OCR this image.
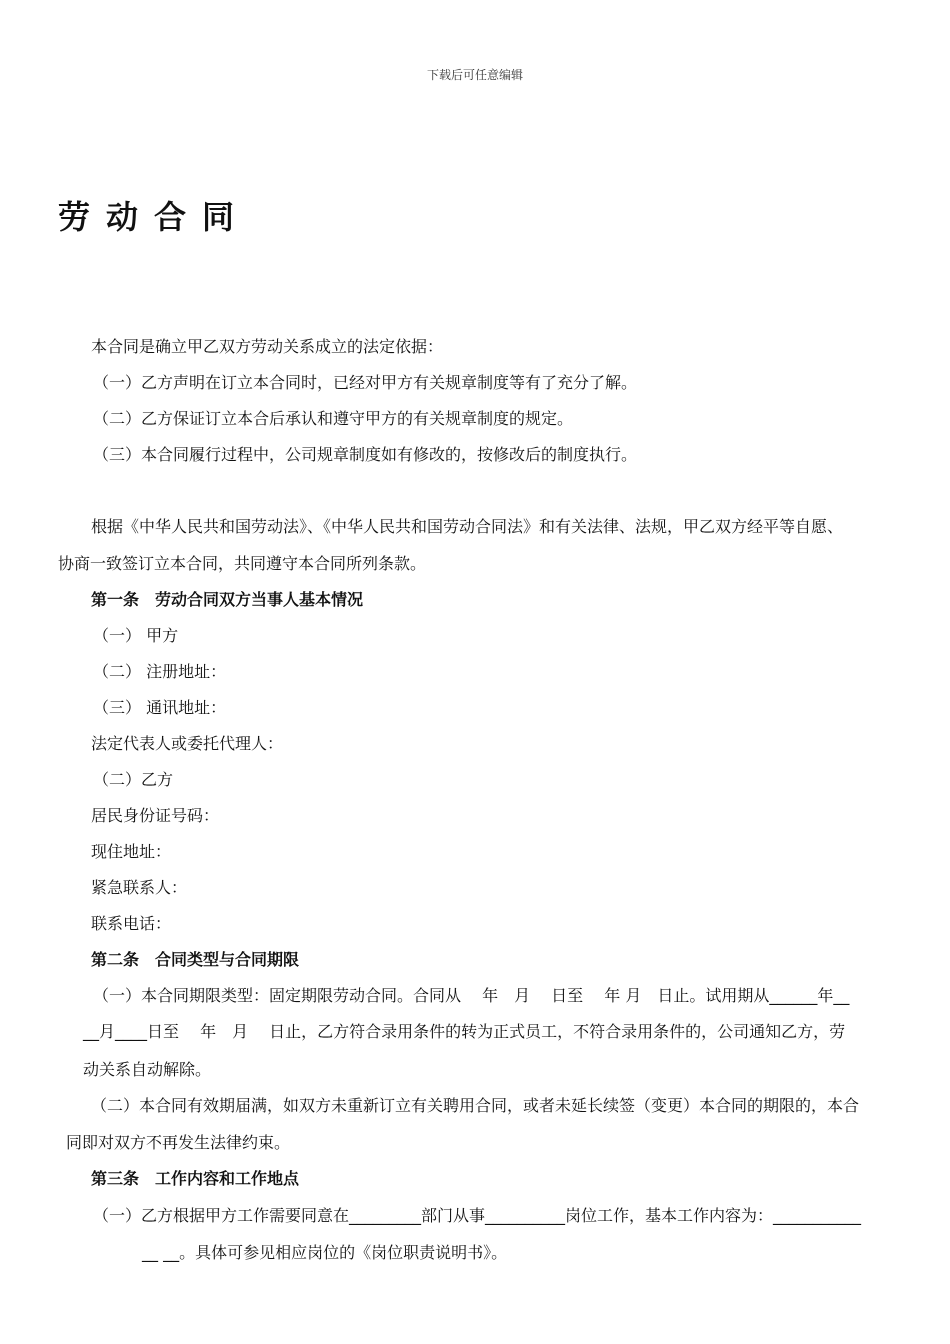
下载后可任意编辑
劳动合同
本合同是确立甲乙双方劳动关系成立的法定依据：
（一）乙方声明在订立本合同时，已经对甲方有关规章制度等有了充分了解。
（二）乙方保证订立本合后承认和遵守甲方的有关规章制度的规定。
（三）本合同履行过程中，公司规章制度如有修改的，按修改后的制度执行。
根据《中华人民共和国劳动法》、《中华人民共和国劳动合同法》和有关法律、法规，甲乙双方经平等自愿、
协商一致签订立本合同，共同遵守本合同所列条款。
第一条　劳动合同双方当事人基本情况
（一） 甲方
（二） 注册地址：
（三） 通讯地址：
法定代表人或委托代理人：
（二）乙方
居民身份证号码：
现住地址：
紧急联系人：
联系电话：
第二条　合同类型与合同期限
（一）本合同期限类型：固定期限劳动合同。合同从　 年　月　 日至　 年 月　日止。试用期从______年__
__月____日至　 年　月　 日止，乙方符合录用条件的转为正式员工，不符合录用条件的，公司通知乙方，劳
动关系自动解除。
（二）本合同有效期届满，如双方未重新订立有关聘用合同，或者未延长续签（变更）本合同的期限的，本合
同即对双方不再发生法律约束。
第三条　工作内容和工作地点
（一）乙方根据甲方工作需要同意在_________部门从事__________岗位工作，基本工作内容为：___________
__ __。具体可参见相应岗位的《岗位职责说明书》。
